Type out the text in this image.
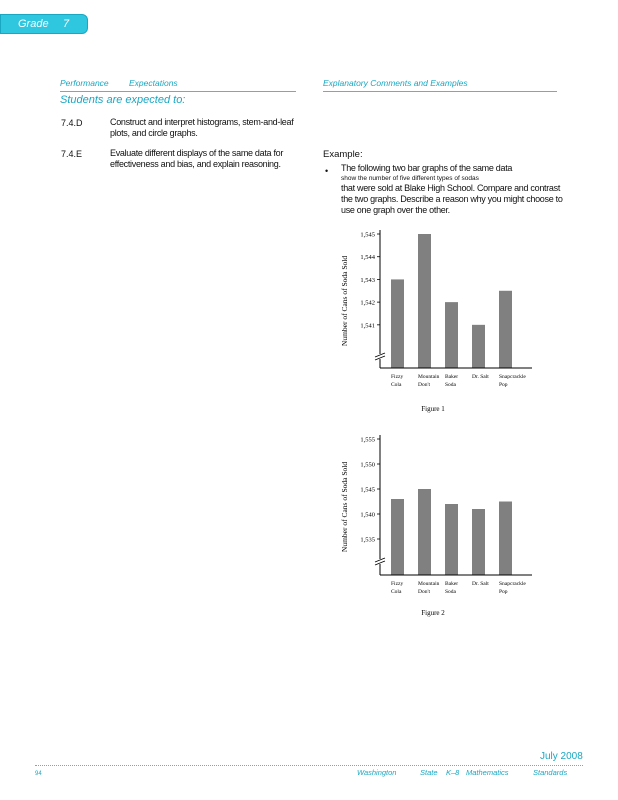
Grade 7
Performance Expectations	Explanatory Comments and Examples
Students are expected to:
7.4.D	Construct and interpret histograms, stem-and-leaf plots, and circle graphs.
7.4.E	Evaluate different displays of the same data for effectiveness and bias, and explain reasoning.
Example:
• The following two bar graphs of the same data
show the number of five different types of sodas
that were sold at Blake High School. Compare and contrast the two graphs. Describe a reason why you might choose to use one graph over the other.
Number of Cans of Soda Sold 1,541
1,542
1,543
1,544
1,545
Fizzy
Cola
Mountain
Don't
Baker
Soda
Dr. Salt Snapcrackle
Pop
Figure 1
Number of Cans of Soda Sold 1,535
1,540
1,545
1,550
1,555
Fizzy
Cola
Mountain
Don't
Baker
Soda
Dr. Salt Snapcrackle
Pop
Figure 2
July 2008
94	Washington	State K–8 Mathematics	Standards
